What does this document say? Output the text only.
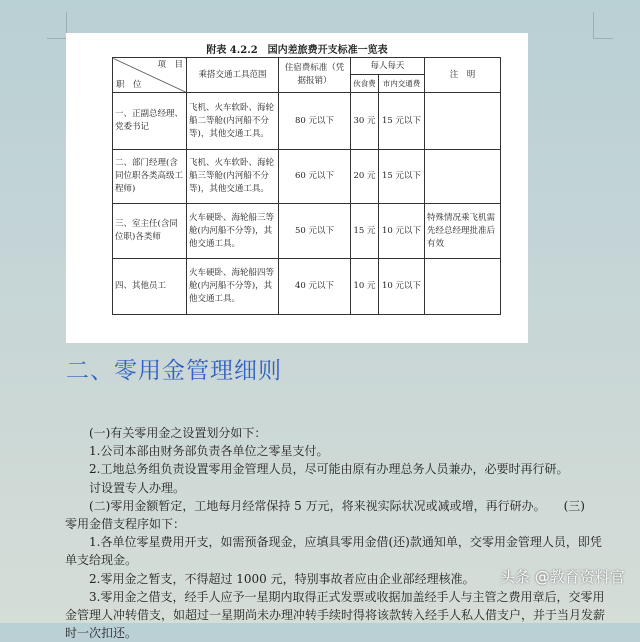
附表 4.2.2　国内差旅费开支标准一览表
项　目
职　位	乘搭交通工具范围	住宿费标准（凭据报销）	每人每天		注　明
			伙食费	市内交通费	
一、正副总经理、党委书记	飞机、火车软卧、海轮船二等舱(内河船不分等)，其他交通工具。	80 元以下	30 元	15 元以下	
二、部门经理(含同位职各类高级工程师)	飞机、火车软卧、海轮船三等舱(内河船不分等)，其他交通工具。	60 元以下	20 元	15 元以下	
三、室主任(含同位职)各类师	火车硬卧、海轮船三等舱(内河船不分等)，其他交通工具。	50 元以下	15 元	10 元以下	特殊情况乘飞机需先经总经理批准后有效
四、其他员工	火车硬卧、海轮船四等舱(内河船不分等)，其他交通工具。	40 元以下	10 元	10 元以下	
二、零用金管理细则
(一)有关零用金之设置划分如下：
1.公司本部由财务部负责各单位之零星支付。
2.工地总务组负责设置零用金管理人员，尽可能由原有办理总务人员兼办，必要时再行研。
讨设置专人办理。
(二)零用金额暂定，工地每月经常保持 5 万元，将来视实际状况或减或增，再行研办。　　(三)
零用金借支程序如下：
1.各单位零星费用开支，如需预备现金，应填具零用金借(还)款通知单，交零用金管理人员，即凭
单支给现金。
2.零用金之暂支，不得超过 1000 元，特别事故者应由企业部经理核准。
3.零用金之借支，经手人应予一星期内取得正式发票或收据加盖经手人与主管之费用章后，交零用
金管理人冲转借支，如超过一星期尚未办理冲转手续时得将该款转入经手人私人借支户，并于当月发薪
时一次扣还。
头条 @教育资料官
